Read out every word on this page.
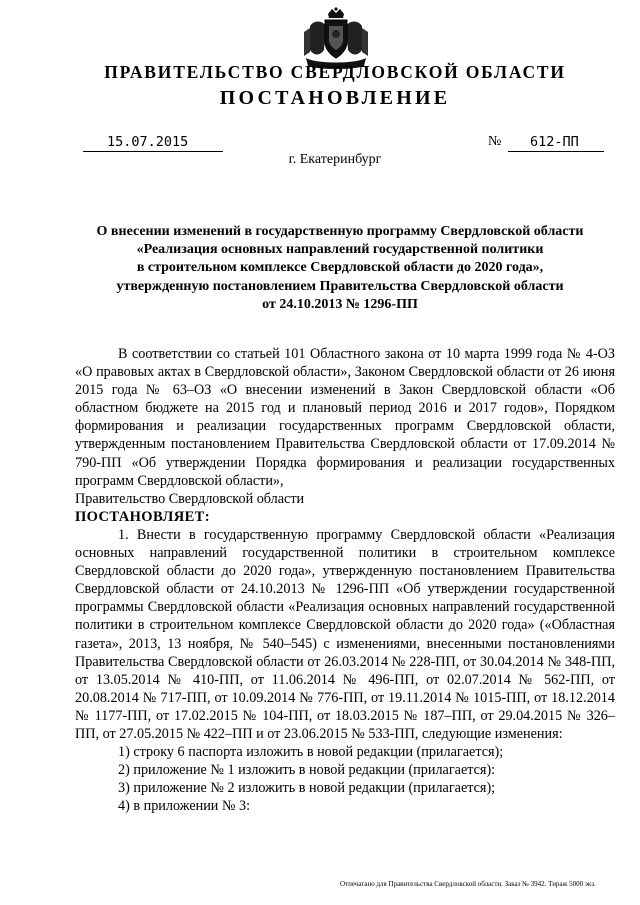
ПРАВИТЕЛЬСТВО СВЕРДЛОВСКОЙ ОБЛАСТИ
ПОСТАНОВЛЕНИЕ
15.07.2015	№	612-ПП
г. Екатеринбург
О внесении изменений в государственную программу Свердловской области
«Реализация основных направлений государственной политики
в строительном комплексе Свердловской области до 2020 года»,
утвержденную постановлением Правительства Свердловской области
от 24.10.2013 № 1296-ПП

В соответствии со статьей 101 Областного закона от 10 марта 1999 года № 4-ОЗ «О правовых актах в Свердловской области», Законом Свердловской области от 26 июня 2015 года № 63–ОЗ «О внесении изменений в Закон Свердловской области «Об областном бюджете на 2015 год и плановый период 2016 и 2017 годов», Порядком формирования и реализации государственных программ Свердловской области, утвержденным постановлением Правительства Свердловской области от 17.09.2014 № 790-ПП «Об утверждении Порядка формирования и реализации государственных программ Свердловской области»,

Правительство Свердловской области

ПОСТАНОВЛЯЕТ:

1. Внести в государственную программу Свердловской области «Реализация основных направлений государственной политики в строительном комплексе Свердловской области до 2020 года», утвержденную постановлением Правительства Свердловской области от 24.10.2013 № 1296-ПП «Об утверждении государственной программы Свердловской области «Реализация основных направлений государственной политики в строительном комплексе Свердловской области до 2020 года» («Областная газета», 2013, 13 ноября, № 540–545) с изменениями, внесенными постановлениями Правительства Свердловской области от 26.03.2014 № 228-ПП, от 30.04.2014 № 348-ПП, от 13.05.2014 № 410-ПП, от 11.06.2014 № 496-ПП, от 02.07.2014 № 562-ПП, от 20.08.2014 № 717-ПП, от 10.09.2014 № 776-ПП, от 19.11.2014 № 1015-ПП, от 18.12.2014 № 1177-ПП, от 17.02.2015 № 104-ПП, от 18.03.2015 № 187–ПП, от 29.04.2015 № 326–ПП, от 27.05.2015 № 422–ПП и от 23.06.2015 № 533-ПП, следующие изменения:

1) строку 6 паспорта изложить в новой редакции (прилагается);

2) приложение № 1 изложить в новой редакции (прилагается):

3) приложение № 2 изложить в новой редакции (прилагается);

4) в приложении № 3:

Отпечатано для Правительства Свердловской области. Заказ № 3942. Тираж 5000 экз.
